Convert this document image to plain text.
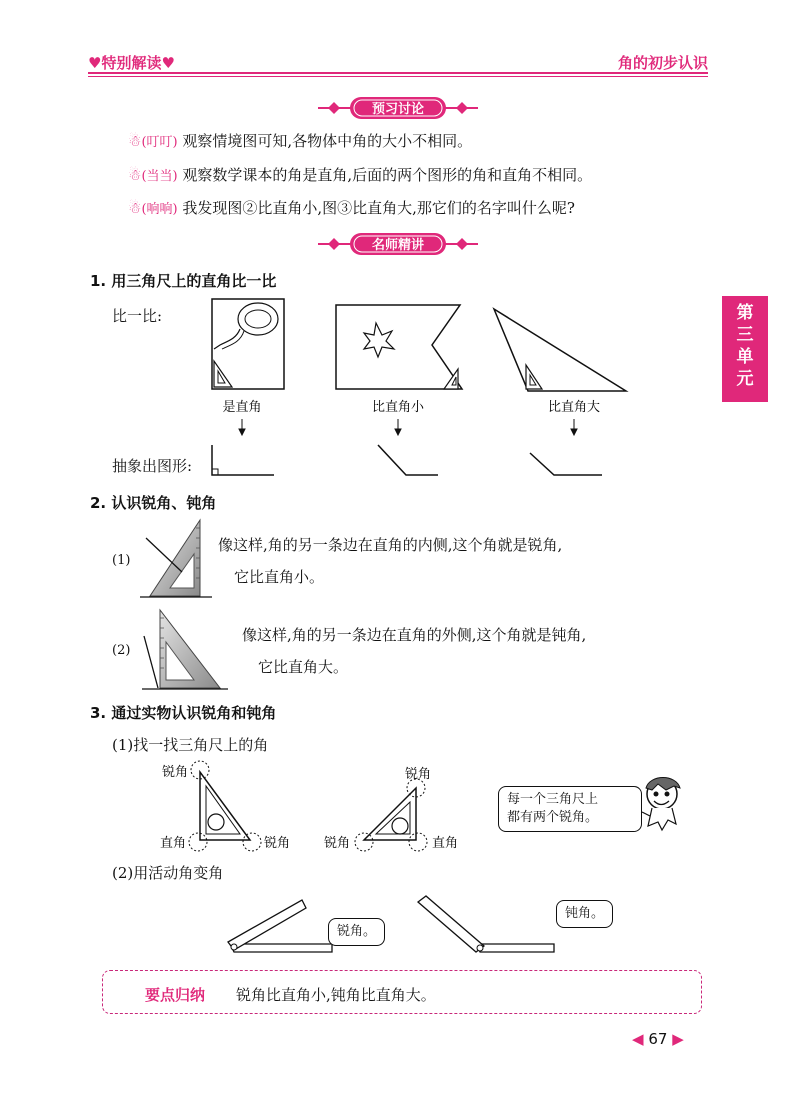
♥特别解读♥	角的初步认识
第
三
单
元
预习讨论
☃(叮叮) 观察情境图可知,各物体中角的大小不相同。
☃(当当) 观察数学课本的角是直角,后面的两个图形的角和直角不相同。
☃(响响) 我发现图②比直角小,图③比直角大,那它们的名字叫什么呢?
名师精讲
1. 用三角尺上的直角比一比
比一比:
是直角	比直角小	比直角大
抽象出图形:
2. 认识锐角、钝角
(1)
像这样,角的另一条边在直角的内侧,这个角就是锐角,
它比直角小。
(2)
像这样,角的另一条边在直角的外侧,这个角就是钝角,
它比直角大。
3. 通过实物认识锐角和钝角
(1)找一找三角尺上的角
锐角
直角	锐角
锐角
锐角	直角
每一个三角尺上
都有两个锐角。
(2)用活动角变角
锐角。
钝角。
要点归纳 锐角比直角小,钝角比直角大。
◀ 67 ▶
